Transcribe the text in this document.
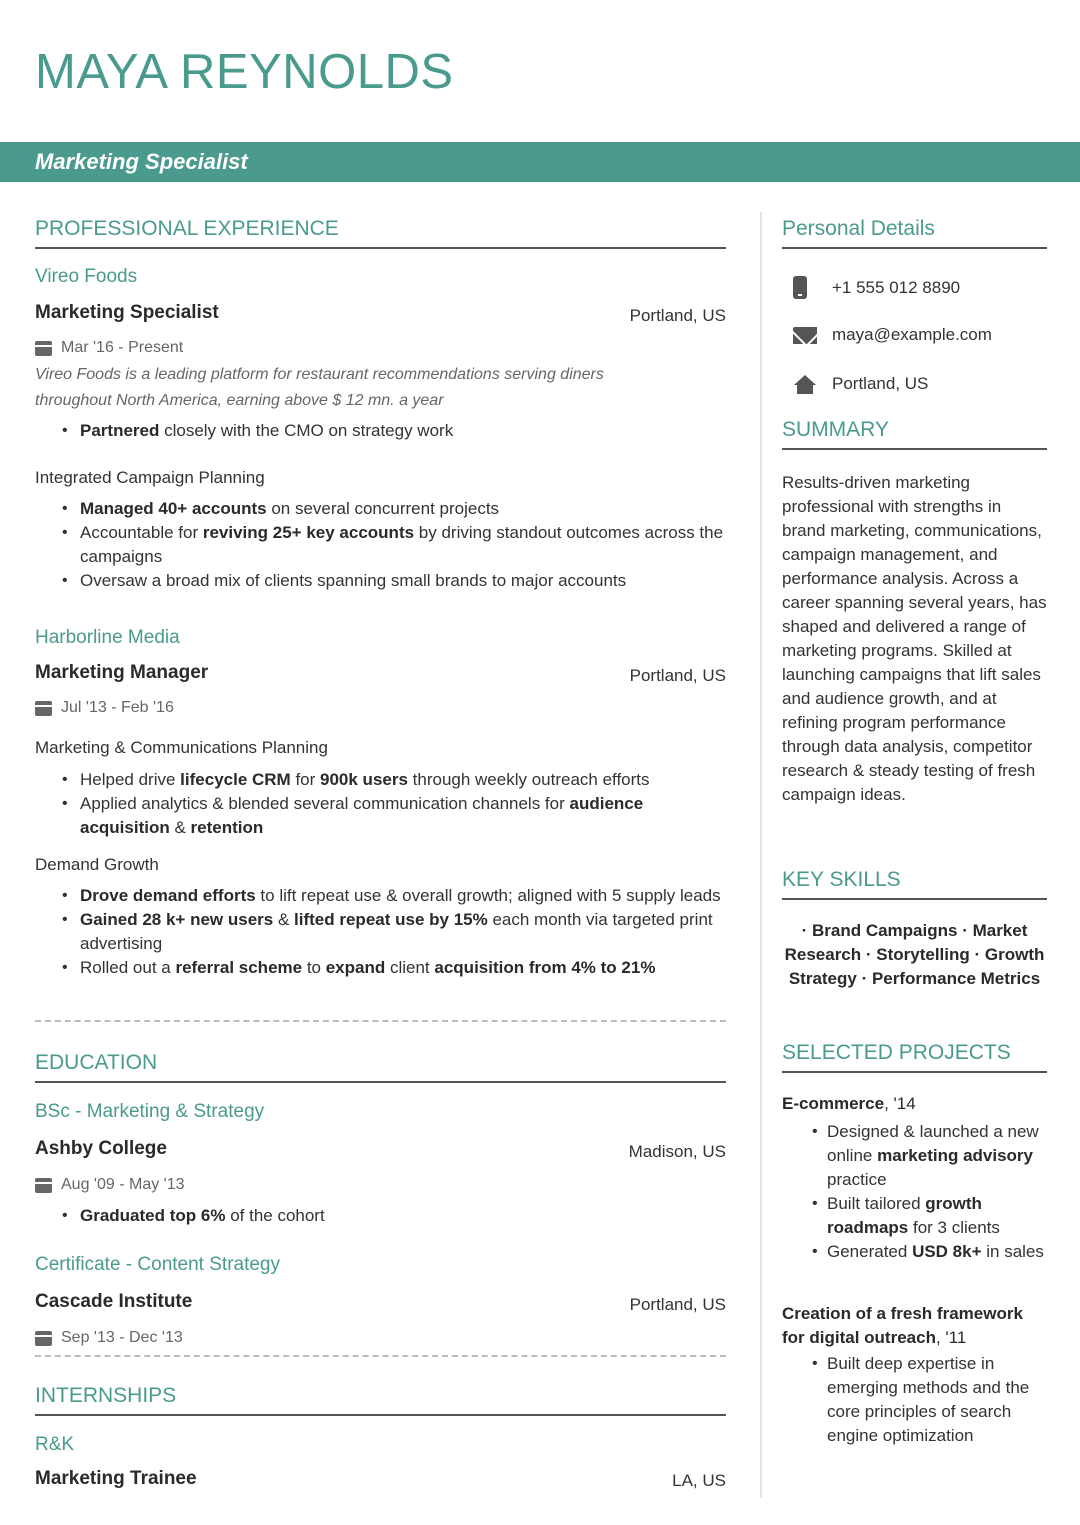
MAYA REYNOLDS
Marketing Specialist
PROFESSIONAL EXPERIENCE
Vireo Foods
Marketing Specialist	Portland, US
Mar '16 - Present
Vireo Foods is a leading platform for restaurant recommendations serving diners throughout North America, earning above $ 12 mn. a year
• Partnered closely with the CMO on strategy work
Integrated Campaign Planning
• Managed 40+ accounts on several concurrent projects
• Accountable for reviving 25+ key accounts by driving standout outcomes across the campaigns
• Oversaw a broad mix of clients spanning small brands to major accounts
Harborline Media
Marketing Manager	Portland, US
Jul '13 - Feb '16
Marketing & Communications Planning
• Helped drive lifecycle CRM for 900k users through weekly outreach efforts
• Applied analytics & blended several communication channels for audience acquisition & retention
Demand Growth
• Drove demand efforts to lift repeat use & overall growth; aligned with 5 supply leads
• Gained 28 k+ new users & lifted repeat use by 15% each month via targeted print advertising
• Rolled out a referral scheme to expand client acquisition from 4% to 21%
EDUCATION
BSc - Marketing & Strategy
Ashby College	Madison, US
Aug '09 - May '13
• Graduated top 6% of the cohort
Certificate - Content Strategy
Cascade Institute	Portland, US
Sep '13 - Dec '13
INTERNSHIPS
R&K
Marketing Trainee	LA, US
Personal Details
+1 555 012 8890
maya@example.com
Portland, US
SUMMARY
Results-driven marketing professional with strengths in brand marketing, communications, campaign management, and performance analysis. Across a career spanning several years, has shaped and delivered a range of marketing programs. Skilled at launching campaigns that lift sales and audience growth, and at refining program performance through data analysis, competitor research & steady testing of fresh campaign ideas.
KEY SKILLS
· Brand Campaigns · Market Research · Storytelling · Growth Strategy · Performance Metrics
SELECTED PROJECTS
E-commerce, '14
• Designed & launched a new online marketing advisory practice
• Built tailored growth roadmaps for 3 clients
• Generated USD 8k+ in sales
Creation of a fresh framework for digital outreach, '11
• Built deep expertise in emerging methods and the core principles of search engine optimization
